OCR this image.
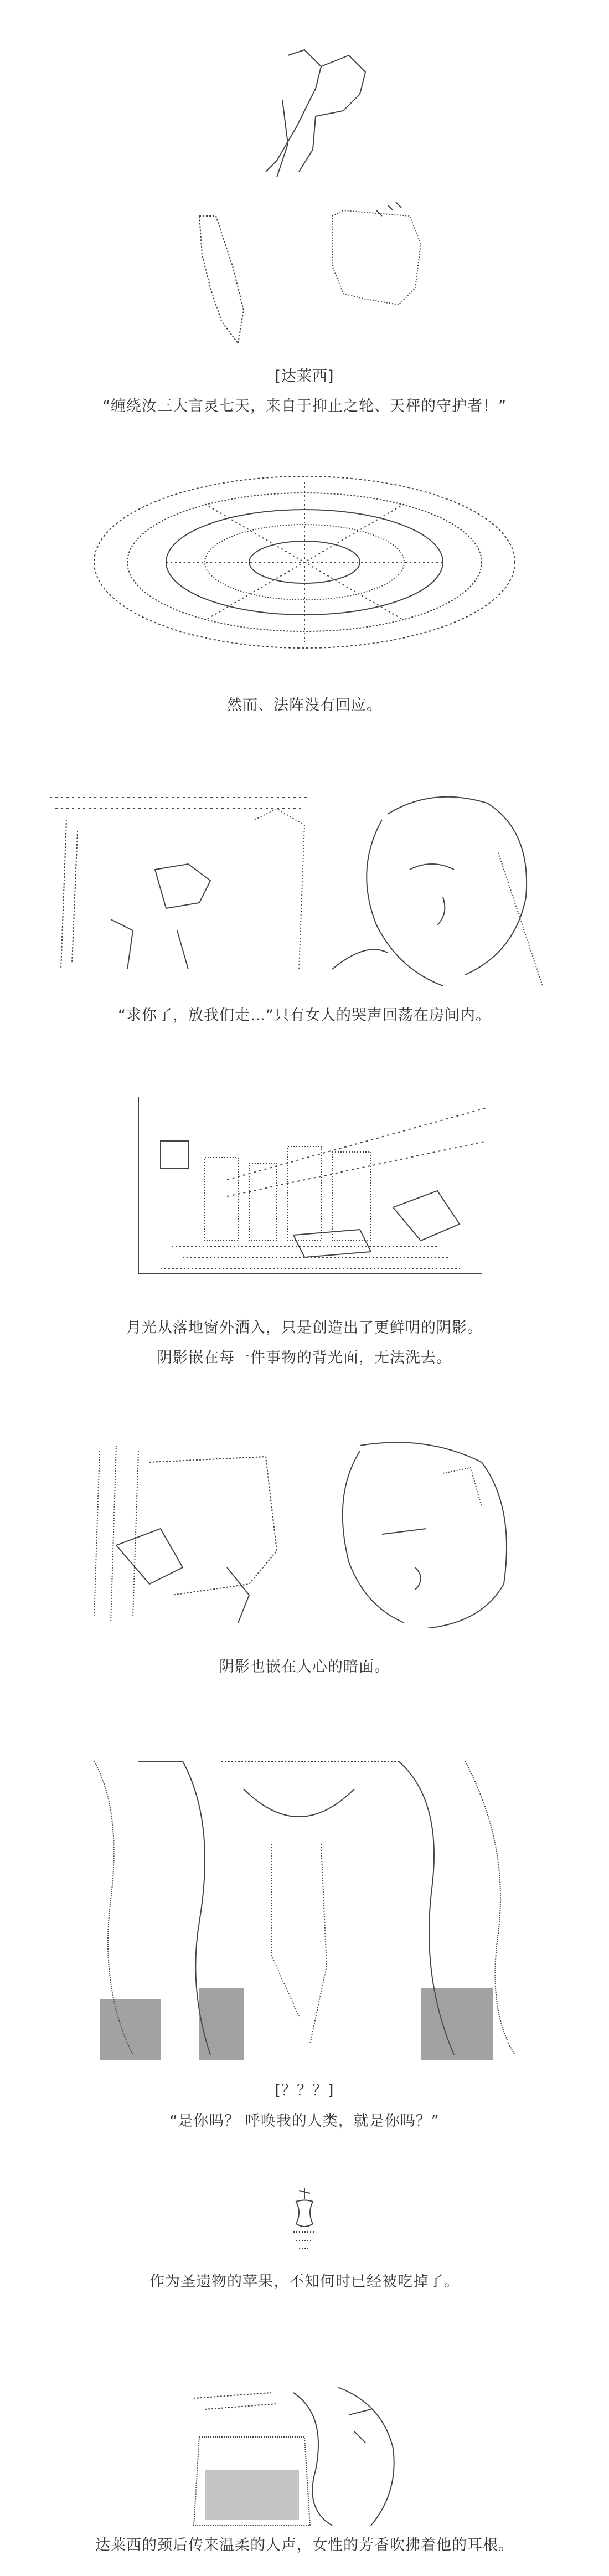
[达莱西]
“缠绕汝三大言灵七天，来自于抑止之轮、天秤的守护者！”
然而、法阵没有回应。
“求你了，放我们走…”只有女人的哭声回荡在房间内。
月光从落地窗外洒入，只是创造出了更鲜明的阴影。
阴影嵌在每一件事物的背光面，无法洗去。
阴影也嵌在人心的暗面。
[？？？]
“是你吗？ 呼唤我的人类，就是你吗？”
作为圣遗物的苹果，不知何时已经被吃掉了。
达莱西的颈后传来温柔的人声，女性的芳香吹拂着他的耳根。
